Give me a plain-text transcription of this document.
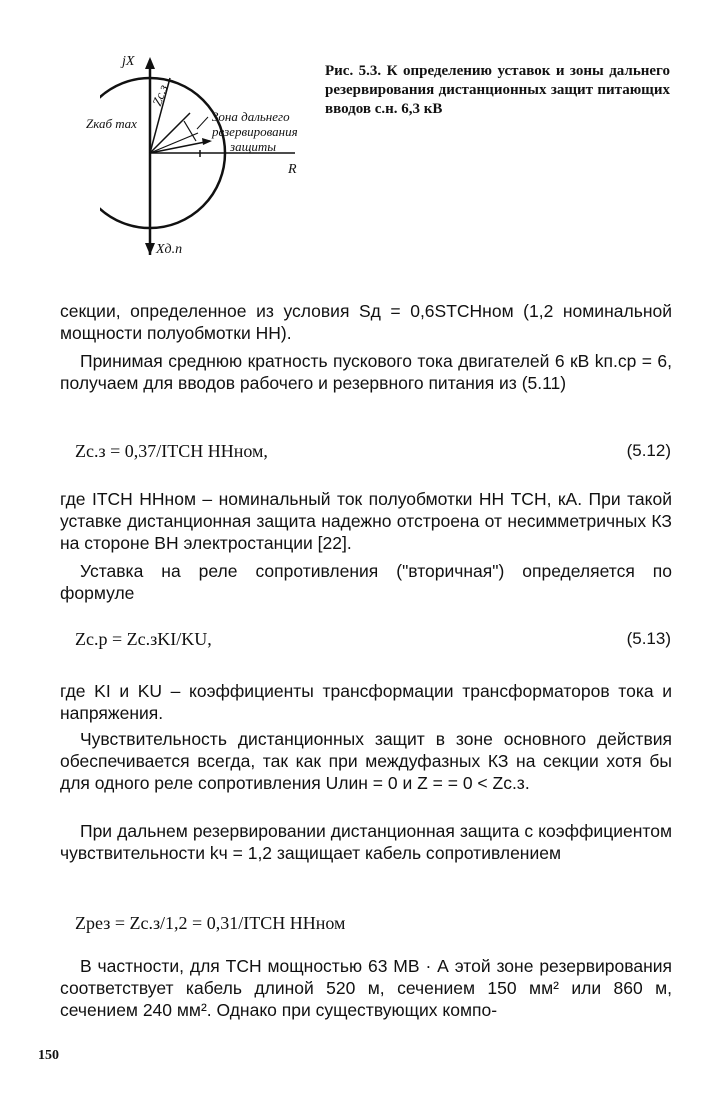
jX
R
Xд.п
Zкаб max
Zс.з
Зона дальнего
резервирования
защиты
Рис. 5.3. К определению уставок и зоны дальнего резервирования дистанционных защит питающих вводов с.н. 6,3 кВ

секции, определенное из условия Sд = 0,6SТСНном (1,2 номинальной мощности полуобмотки НН).

Принимая среднюю кратность пускового тока двигателей 6 кВ kп.ср = 6, получаем для вводов рабочего и резервного питания из (5.11)

Zс.з = 0,37/IТСН ННном,	(5.12)

где IТСН ННном – номинальный ток полуобмотки НН ТСН, кА. При такой уставке дистанционная защита надежно отстроена от несимметричных КЗ на стороне ВН электростанции [22].

Уставка на реле сопротивления ("вторичная") определяется по формуле

Zс.р = Zс.зKI/KU,	(5.13)

где KI и KU – коэффициенты трансформации трансформаторов тока и напряжения.

Чувствительность дистанционных защит в зоне основного действия обеспечивается всегда, так как при междуфазных КЗ на секции хотя бы для одного реле сопротивления Uлин = 0 и Z = = 0 < Zс.з.

При дальнем резервировании дистанционная защита с коэффициентом чувствительности kч = 1,2 защищает кабель сопротивлением

Zрез = Zс.з/1,2 = 0,31/IТСН ННном

В частности, для ТСН мощностью 63 МВ · А этой зоне резервирования соответствует кабель длиной 520 м, сечением 150 мм² или 860 м, сечением 240 мм². Однако при существующих компо-

150
